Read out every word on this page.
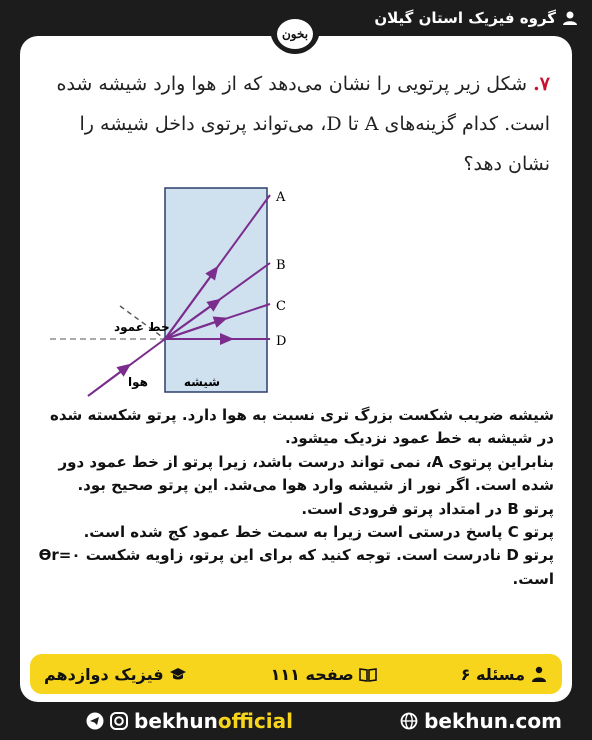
گروه فیزیک استان گیلان
بخون
۷. شکل زیر پرتویی را نشان می‌دهد که از هوا وارد شیشه شده است. کدام گزینه‌های A تا D، می‌تواند پرتوی داخل شیشه را نشان دهد؟
A
B
C
D
خط عمود
شیشه
هوا

شیشه ضریب شکست بزرگ تری نسبت به هوا دارد. پرتو شکسته شده در شیشه به خط عمود نزدیک میشود.

بنابراین پرتوی A، نمی تواند درست باشد، زیرا پرتو از خط عمود دور شده است. اگر نور از شیشه وارد هوا می‌شد. این پرتو صحیح بود.

پرتو B در امتداد پرتو فرودی است.

پرتو C پاسخ درستی است زیرا به سمت خط عمود کج شده است.

پرتو D نادرست است. توجه کنید که برای این پرتو، زاویه شکست ϴr=۰ است.

مسئله ۶
صفحه ۱۱۱
فیزیک دوازدهم
bekhunofficial	bekhun.com
